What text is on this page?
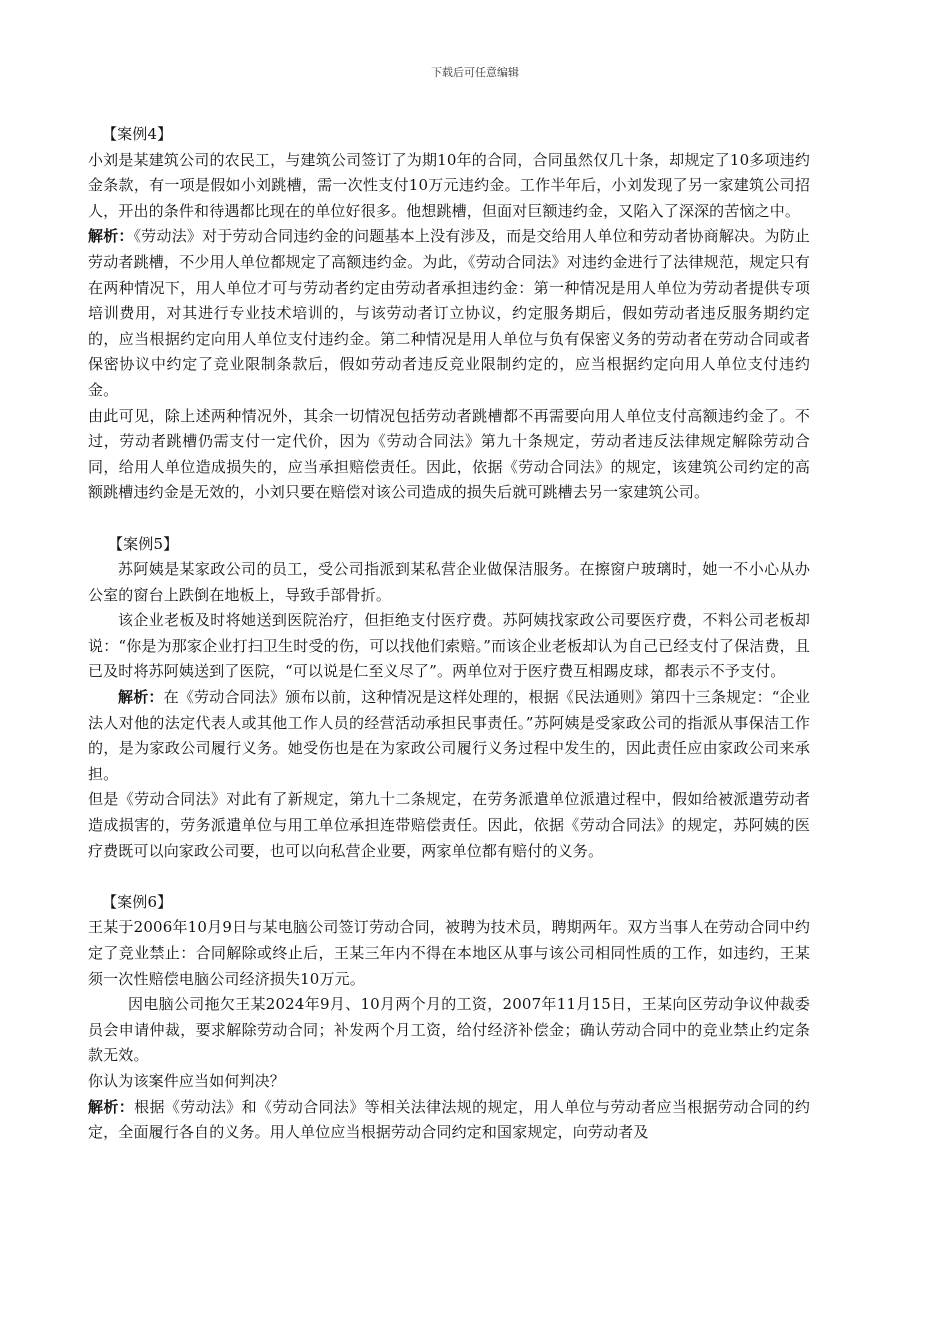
下载后可任意编辑

【案例4】

小刘是某建筑公司的农民工，与建筑公司签订了为期10年的合同，合同虽然仅几十条，却规定了10多项违约金条款，有一项是假如小刘跳槽，需一次性支付10万元违约金。工作半年后，小刘发现了另一家建筑公司招人，开出的条件和待遇都比现在的单位好很多。他想跳槽，但面对巨额违约金，又陷入了深深的苦恼之中。

解析：《劳动法》对于劳动合同违约金的问题基本上没有涉及，而是交给用人单位和劳动者协商解决。为防止劳动者跳槽，不少用人单位都规定了高额违约金。为此，《劳动合同法》对违约金进行了法律规范，规定只有在两种情况下，用人单位才可与劳动者约定由劳动者承担违约金：第一种情况是用人单位为劳动者提供专项培训费用，对其进行专业技术培训的，与该劳动者订立协议，约定服务期后，假如劳动者违反服务期约定的，应当根据约定向用人单位支付违约金。第二种情况是用人单位与负有保密义务的劳动者在劳动合同或者保密协议中约定了竞业限制条款后，假如劳动者违反竞业限制约定的，应当根据约定向用人单位支付违约金。

由此可见，除上述两种情况外，其余一切情况包括劳动者跳槽都不再需要向用人单位支付高额违约金了。不过，劳动者跳槽仍需支付一定代价，因为《劳动合同法》第九十条规定，劳动者违反法律规定解除劳动合同，给用人单位造成损失的，应当承担赔偿责任。因此，依据《劳动合同法》的规定，该建筑公司约定的高额跳槽违约金是无效的，小刘只要在赔偿对该公司造成的损失后就可跳槽去另一家建筑公司。

【案例5】

苏阿姨是某家政公司的员工，受公司指派到某私营企业做保洁服务。在擦窗户玻璃时，她一不小心从办公室的窗台上跌倒在地板上，导致手部骨折。

该企业老板及时将她送到医院治疗，但拒绝支付医疗费。苏阿姨找家政公司要医疗费，不料公司老板却说：“你是为那家企业打扫卫生时受的伤，可以找他们索赔。”而该企业老板却认为自己已经支付了保洁费，且已及时将苏阿姨送到了医院，“可以说是仁至义尽了”。两单位对于医疗费互相踢皮球，都表示不予支付。

解析：在《劳动合同法》颁布以前，这种情况是这样处理的，根据《民法通则》第四十三条规定：“企业法人对他的法定代表人或其他工作人员的经营活动承担民事责任。”苏阿姨是受家政公司的指派从事保洁工作的，是为家政公司履行义务。她受伤也是在为家政公司履行义务过程中发生的，因此责任应由家政公司来承担。

但是《劳动合同法》对此有了新规定，第九十二条规定，在劳务派遣单位派遣过程中，假如给被派遣劳动者造成损害的，劳务派遣单位与用工单位承担连带赔偿责任。因此，依据《劳动合同法》的规定，苏阿姨的医疗费既可以向家政公司要，也可以向私营企业要，两家单位都有赔付的义务。

【案例6】

王某于2006年10月9日与某电脑公司签订劳动合同，被聘为技术员，聘期两年。双方当事人在劳动合同中约定了竞业禁止：合同解除或终止后，王某三年内不得在本地区从事与该公司相同性质的工作，如违约，王某须一次性赔偿电脑公司经济损失10万元。

因电脑公司拖欠王某2024年9月、10月两个月的工资，2007年11月15日，王某向区劳动争议仲裁委员会申请仲裁，要求解除劳动合同；补发两个月工资，给付经济补偿金；确认劳动合同中的竞业禁止约定条款无效。

你认为该案件应当如何判决？

解析：根据《劳动法》和《劳动合同法》等相关法律法规的规定，用人单位与劳动者应当根据劳动合同的约定，全面履行各自的义务。用人单位应当根据劳动合同约定和国家规定，向劳动者及
